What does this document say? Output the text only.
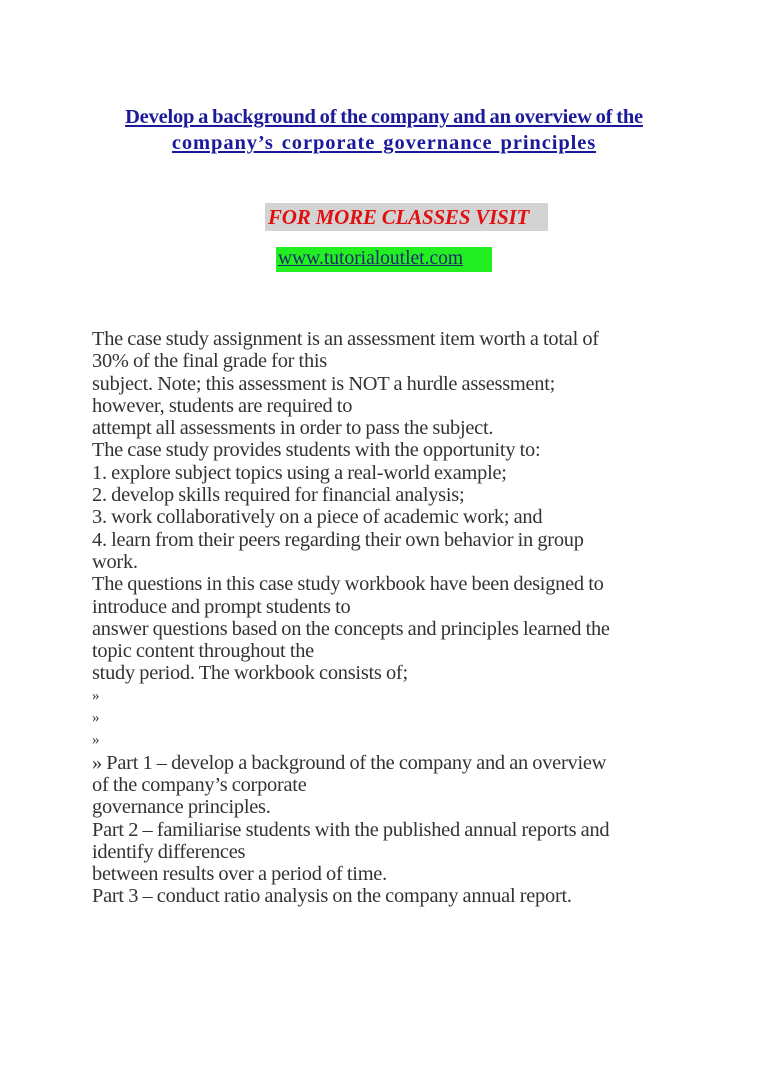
Develop a background of the company and an overview of the
company’s corporate governance principles
FOR MORE CLASSES VISIT
www.tutorialoutlet.com
The case study assignment is an assessment item worth a total of
30% of the final grade for this
subject. Note; this assessment is NOT a hurdle assessment;
however, students are required to
attempt all assessments in order to pass the subject.
The case study provides students with the opportunity to:
1. explore subject topics using a real-world example;
2. develop skills required for financial analysis;
3. work collaboratively on a piece of academic work; and
4. learn from their peers regarding their own behavior in group
work.
The questions in this case study workbook have been designed to
introduce and prompt students to
answer questions based on the concepts and principles learned the
topic content throughout the
study period. The workbook consists of;
»
»
»
» Part 1 – develop a background of the company and an overview
of the company’s corporate
governance principles.
Part 2 – familiarise students with the published annual reports and
identify differences
between results over a period of time.
Part 3 – conduct ratio analysis on the company annual report.
